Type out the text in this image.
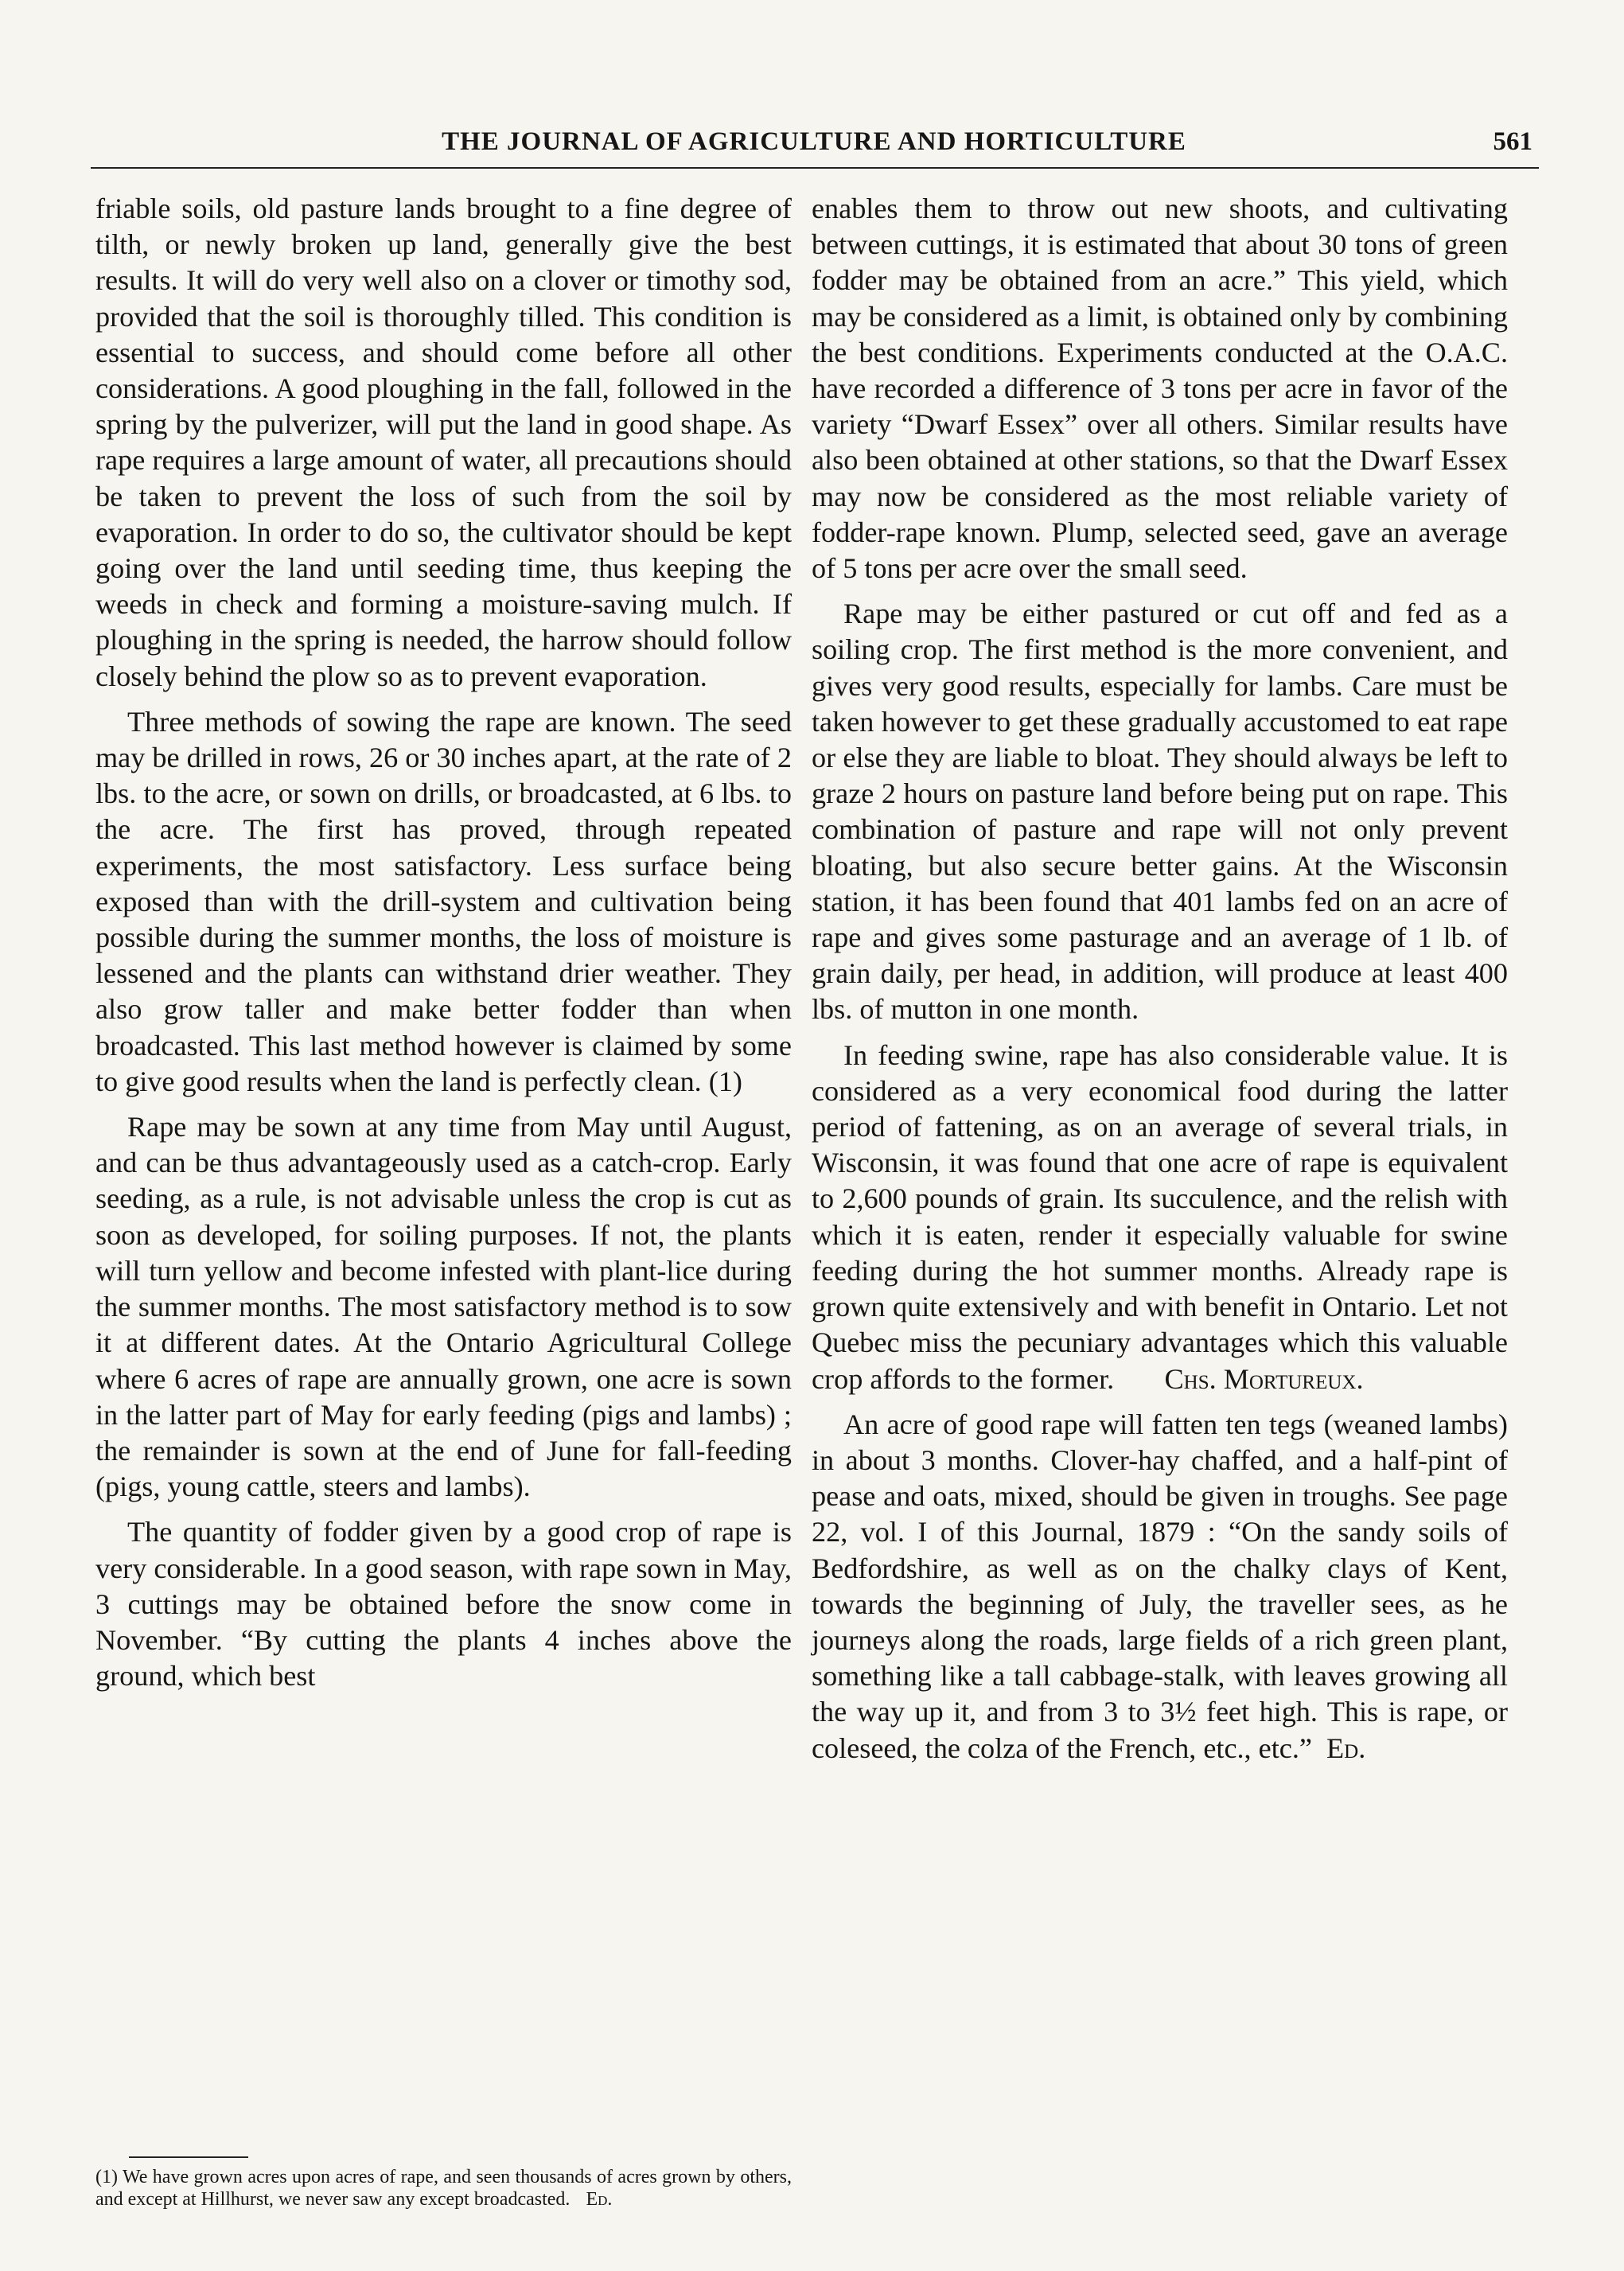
THE JOURNAL OF AGRICULTURE AND HORTICULTURE	561

friable soils, old pasture lands brought to a fine degree of tilth, or newly broken up land, generally give the best results. It will do very well also on a clover or timothy sod, provided that the soil is thoroughly tilled. This condition is essential to success, and should come before all other considerations. A good ploughing in the fall, followed in the spring by the pulverizer, will put the land in good shape. As rape requires a large amount of water, all precautions should be taken to prevent the loss of such from the soil by evaporation. In order to do so, the cultivator should be kept going over the land until seeding time, thus keeping the weeds in check and forming a moisture-saving mulch. If ploughing in the spring is needed, the harrow should follow closely behind the plow so as to prevent evaporation.

Three methods of sowing the rape are known. The seed may be drilled in rows, 26 or 30 inches apart, at the rate of 2 lbs. to the acre, or sown on drills, or broadcasted, at 6 lbs. to the acre. The first has proved, through repeated experiments, the most satisfactory. Less surface being exposed than with the drill-system and cultivation being possible during the summer months, the loss of moisture is lessened and the plants can withstand drier weather. They also grow taller and make better fodder than when broadcasted. This last method however is claimed by some to give good results when the land is perfectly clean. (1)

Rape may be sown at any time from May until August, and can be thus advantageously used as a catch-crop. Early seeding, as a rule, is not advisable unless the crop is cut as soon as developed, for soiling purposes. If not, the plants will turn yellow and become infested with plant-lice during the summer months. The most satisfactory method is to sow it at different dates. At the Ontario Agricultural College where 6 acres of rape are annually grown, one acre is sown in the latter part of May for early feeding (pigs and lambs) ; the remainder is sown at the end of June for fall-feeding (pigs, young cattle, steers and lambs).

The quantity of fodder given by a good crop of rape is very considerable. In a good season, with rape sown in May, 3 cuttings may be obtained before the snow come in November. “By cutting the plants 4 inches above the ground, which best

(1) We have grown acres upon acres of rape, and seen thousands of acres grown by others, and except at Hillhurst, we never saw any except broadcasted. Ed.

enables them to throw out new shoots, and cultivating between cuttings, it is estimated that about 30 tons of green fodder may be obtained from an acre.” This yield, which may be considered as a limit, is obtained only by combining the best conditions. Experiments conducted at the O.A.C. have recorded a difference of 3 tons per acre in favor of the variety “Dwarf Essex” over all others. Similar results have also been obtained at other stations, so that the Dwarf Essex may now be considered as the most reliable variety of fodder-rape known. Plump, selected seed, gave an average of 5 tons per acre over the small seed.

Rape may be either pastured or cut off and fed as a soiling crop. The first method is the more convenient, and gives very good results, especially for lambs. Care must be taken however to get these gradually accustomed to eat rape or else they are liable to bloat. They should always be left to graze 2 hours on pasture land before being put on rape. This combination of pasture and rape will not only prevent bloating, but also secure better gains. At the Wisconsin station, it has been found that 401 lambs fed on an acre of rape and gives some pasturage and an average of 1 lb. of grain daily, per head, in addition, will produce at least 400 lbs. of mutton in one month.

In feeding swine, rape has also considerable value. It is considered as a very economical food during the latter period of fattening, as on an average of several trials, in Wisconsin, it was found that one acre of rape is equivalent to 2,600 pounds of grain. Its succulence, and the relish with which it is eaten, render it especially valuable for swine feeding during the hot summer months. Already rape is grown quite extensively and with benefit in Ontario. Let not Quebec miss the pecuniary advantages which this valuable crop affords to the former. Chs. Mortureux.

An acre of good rape will fatten ten tegs (weaned lambs) in about 3 months. Clover-hay chaffed, and a half-pint of pease and oats, mixed, should be given in troughs. See page 22, vol. I of this Journal, 1879 : “On the sandy soils of Bedfordshire, as well as on the chalky clays of Kent, towards the beginning of July, the traveller sees, as he journeys along the roads, large fields of a rich green plant, something like a tall cabbage-stalk, with leaves growing all the way up it, and from 3 to 3½ feet high. This is rape, or coleseed, the colza of the French, etc., etc.” Ed.
